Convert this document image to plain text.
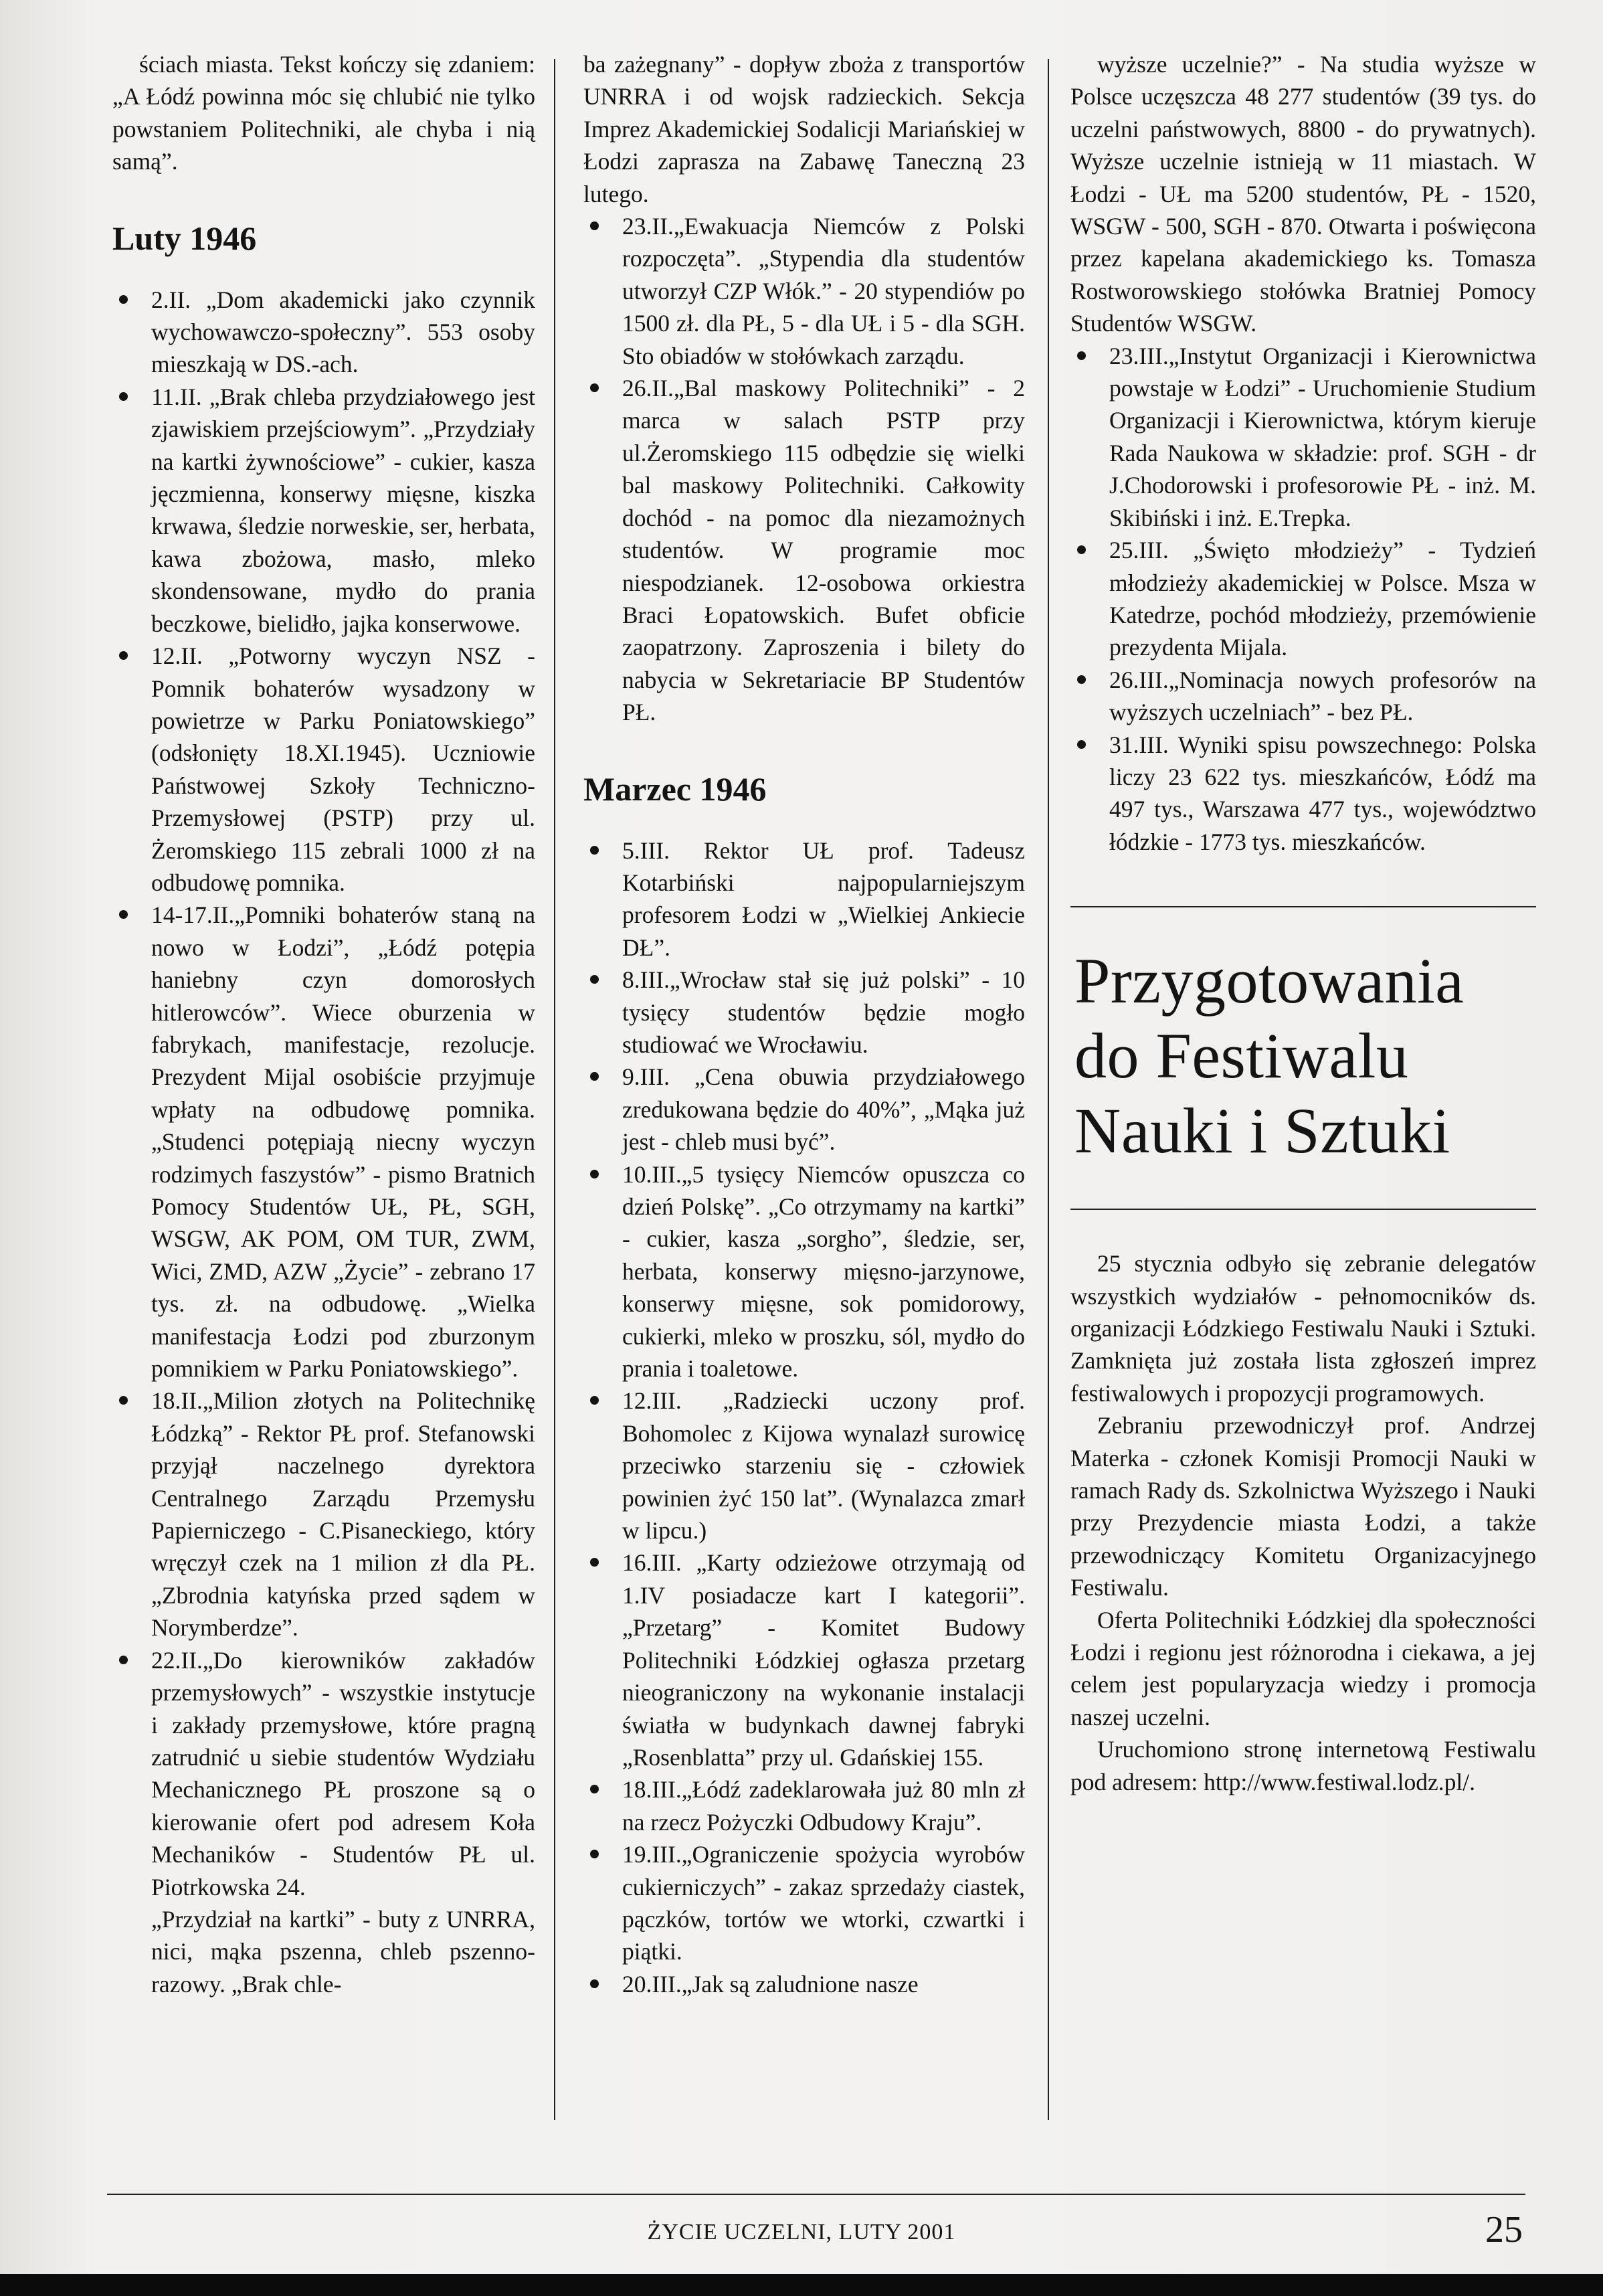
ściach miasta. Tekst kończy się zdaniem: „A Łódź powinna móc się chlubić nie tylko powstaniem Politechniki, ale chyba i nią samą”.

Luty 1946

2.II. „Dom akademicki jako czynnik wychowawczo-społeczny”. 553 osoby mieszkają w DS.-ach.

11.II. „Brak chleba przydziałowego jest zjawiskiem przejściowym”. „Przydziały na kartki żywnościowe” - cukier, kasza jęczmienna, konserwy mięsne, kiszka krwawa, śledzie norweskie, ser, herbata, kawa zbożowa, masło, mleko skondensowane, mydło do prania beczkowe, bielidło, jajka konserwowe.

12.II. „Potworny wyczyn NSZ - Pomnik bohaterów wysadzony w powietrze w Parku Poniatowskiego” (odsłonięty 18.XI.1945). Uczniowie Państwowej Szkoły Techniczno-Przemysłowej (PSTP) przy ul. Żeromskiego 115 zebrali 1000 zł na odbudowę pomnika.

14-17.II.„Pomniki bohaterów staną na nowo w Łodzi”, „Łódź potępia haniebny czyn domorosłych hitlerowców”. Wiece oburzenia w fabrykach, manifestacje, rezolucje. Prezydent Mijal osobiście przyjmuje wpłaty na odbudowę pomnika. „Studenci potępiają niecny wyczyn rodzimych faszystów” - pismo Bratnich Pomocy Studentów UŁ, PŁ, SGH, WSGW, AK POM, OM TUR, ZWM, Wici, ZMD, AZW „Życie” - zebrano 17 tys. zł. na odbudowę. „Wielka manifestacja Łodzi pod zburzonym pomnikiem w Parku Poniatowskiego”.

18.II.„Milion złotych na Politechnikę Łódzką” - Rektor PŁ prof. Stefanowski przyjął naczelnego dyrektora Centralnego Zarządu Przemysłu Papierniczego - C.Pisaneckiego, który wręczył czek na 1 milion zł dla PŁ. „Zbrodnia katyńska przed sądem w Norymberdze”.

22.II.„Do kierowników zakładów przemysłowych” - wszystkie instytucje i zakłady przemysłowe, które pragną zatrudnić u siebie studentów Wydziału Mechanicznego PŁ proszone są o kierowanie ofert pod adresem Koła Mechaników - Studentów PŁ ul. Piotrkowska 24.

„Przydział na kartki” - buty z UNRRA, nici, mąka pszenna, chleb pszenno-razowy. „Brak chle-

ba zażegnany” - dopływ zboża z transportów UNRRA i od wojsk radzieckich. Sekcja Imprez Akademickiej Sodalicji Mariańskiej w Łodzi zaprasza na Zabawę Taneczną 23 lutego.

23.II.„Ewakuacja Niemców z Polski rozpoczęta”. „Stypendia dla studentów utworzył CZP Włók.” - 20 stypendiów po 1500 zł. dla PŁ, 5 - dla UŁ i 5 - dla SGH. Sto obiadów w stołówkach zarządu.

26.II.„Bal maskowy Politechniki” - 2 marca w salach PSTP przy ul.Żeromskiego 115 odbędzie się wielki bal maskowy Politechniki. Całkowity dochód - na pomoc dla niezamożnych studentów. W programie moc niespodzianek. 12-osobowa orkiestra Braci Łopatowskich. Bufet obficie zaopatrzony. Zaproszenia i bilety do nabycia w Sekretariacie BP Studentów PŁ.

Marzec 1946

5.III. Rektor UŁ prof. Tadeusz Kotarbiński najpopularniejszym profesorem Łodzi w „Wielkiej Ankiecie DŁ”.

8.III.„Wrocław stał się już polski” - 10 tysięcy studentów będzie mogło studiować we Wrocławiu.

9.III. „Cena obuwia przydziałowego zredukowana będzie do 40%”, „Mąka już jest - chleb musi być”.

10.III.„5 tysięcy Niemców opuszcza co dzień Polskę”. „Co otrzymamy na kartki” - cukier, kasza „sorgho”, śledzie, ser, herbata, konserwy mięsno-jarzynowe, konserwy mięsne, sok pomidorowy, cukierki, mleko w proszku, sól, mydło do prania i toaletowe.

12.III. „Radziecki uczony prof. Bohomolec z Kijowa wynalazł surowicę przeciwko starzeniu się - człowiek powinien żyć 150 lat”. (Wynalazca zmarł w lipcu.)

16.III. „Karty odzieżowe otrzymają od 1.IV posiadacze kart I kategorii”. „Przetarg” - Komitet Budowy Politechniki Łódzkiej ogłasza przetarg nieograniczony na wykonanie instalacji światła w budynkach dawnej fabryki „Rosenblatta” przy ul. Gdańskiej 155.

18.III.„Łódź zadeklarowała już 80 mln zł na rzecz Pożyczki Odbudowy Kraju”.

19.III.„Ograniczenie spożycia wyrobów cukierniczych” - zakaz sprzedaży ciastek, pączków, tortów we wtorki, czwartki i piątki.

20.III.„Jak są zaludnione nasze

wyższe uczelnie?” - Na studia wyższe w Polsce uczęszcza 48 277 studentów (39 tys. do uczelni państwowych, 8800 - do prywatnych). Wyższe uczelnie istnieją w 11 miastach. W Łodzi - UŁ ma 5200 studentów, PŁ - 1520, WSGW - 500, SGH - 870. Otwarta i poświęcona przez kapelana akademickiego ks. Tomasza Rostworowskiego stołówka Bratniej Pomocy Studentów WSGW.

23.III.„Instytut Organizacji i Kierownictwa powstaje w Łodzi” - Uruchomienie Studium Organizacji i Kierownictwa, którym kieruje Rada Naukowa w składzie: prof. SGH - dr J.Chodorowski i profesorowie PŁ - inż. M. Skibiński i inż. E.Trepka.

25.III. „Święto młodzieży” - Tydzień młodzieży akademickiej w Polsce. Msza w Katedrze, pochód młodzieży, przemówienie prezydenta Mijala.

26.III.„Nominacja nowych profesorów na wyższych uczelniach” - bez PŁ.

31.III. Wyniki spisu powszechnego: Polska liczy 23 622 tys. mieszkańców, Łódź ma 497 tys., Warszawa 477 tys., województwo łódzkie - 1773 tys. mieszkańców.

Przygotowania
do Festiwalu
Nauki i Sztuki

25 stycznia odbyło się zebranie delegatów wszystkich wydziałów - pełnomocników ds. organizacji Łódzkiego Festiwalu Nauki i Sztuki. Zamknięta już została lista zgłoszeń imprez festiwalowych i propozycji programowych.

Zebraniu przewodniczył prof. Andrzej Materka - członek Komisji Promocji Nauki w ramach Rady ds. Szkolnictwa Wyższego i Nauki przy Prezydencie miasta Łodzi, a także przewodniczący Komitetu Organizacyjnego Festiwalu.

Oferta Politechniki Łódzkiej dla społeczności Łodzi i regionu jest różnorodna i ciekawa, a jej celem jest popularyzacja wiedzy i promocja naszej uczelni.

Uruchomiono stronę internetową Festiwalu pod adresem: http://www.festiwal.lodz.pl/.

ŻYCIE UCZELNI, LUTY 2001	25
